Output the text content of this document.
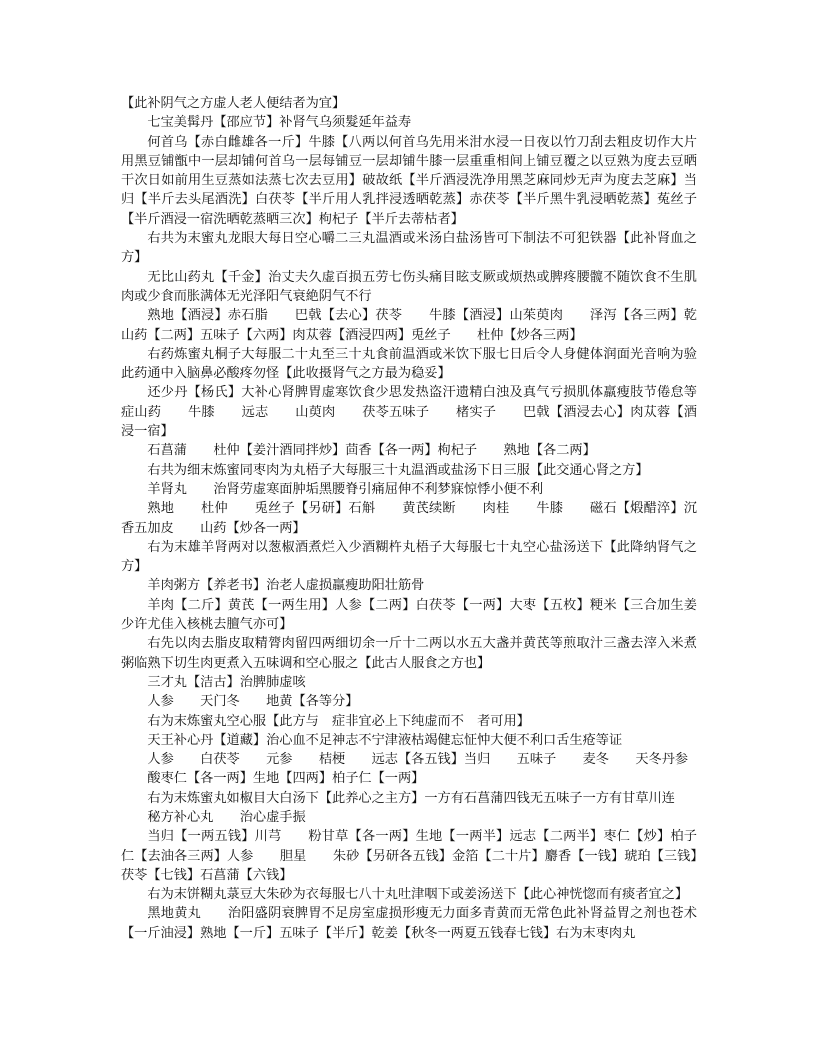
【此补阴气之方虚人老人便结者为宜】

七宝美髯丹【邵应节】补肾气乌须髮延年益寿

何首乌【赤白雌雄各一斤】牛膝【八两以何首乌先用米泔水浸一日夜以竹刀刮去粗皮切作大片用黑豆铺甑中一层却铺何首乌一层每铺豆一层却铺牛膝一层重重相间上铺豆覆之以豆熟为度去豆晒干次日如前用生豆蒸如法蒸七次去豆用】破故纸【半斤酒浸洗净用黑芝麻同炒无声为度去芝麻】当归【半斤去头尾酒洗】白茯苓【半斤用人乳拌浸透晒乾蒸】赤茯苓【半斤黑牛乳浸晒乾蒸】菟丝子【半斤酒浸一宿洗晒乾蒸晒三次】枸杞子【半斤去蒂枯者】

右共为末蜜丸龙眼大每日空心嚼二三丸温酒或米汤白盐汤皆可下制法不可犯铁器【此补肾血之方】

无比山药丸【千金】治丈夫久虚百损五劳七伤头痛目眩支厥或烦热或脾疼腰髋不随饮食不生肌肉或少食而胀满体无光泽阳气衰絶阴气不行

熟地【酒浸】赤石脂　　巴戟【去心】茯苓　　牛膝【酒浸】山茱萸肉　　泽泻【各三两】乾山药【二两】五味子【六两】肉苁蓉【酒浸四两】兎丝子　　杜仲【炒各三两】

右药炼蜜丸桐子大每服二十丸至三十丸食前温酒或米饮下服七日后令人身健体润面光音响为验此药通中入脑鼻必酸疼勿怪【此收摄肾气之方最为稳妥】

还少丹【杨氏】大补心肾脾胃虚寒饮食少思发热盗汗遗精白浊及真气亏损肌体羸瘦肢节倦怠等症山药　　牛膝　　远志　　山萸肉　　茯苓五味子　　楮实子　　巴戟【酒浸去心】肉苁蓉【酒浸一宿】

石菖蒲　　杜仲【姜汁酒同拌炒】茴香【各一两】枸杞子　　熟地【各二两】

右共为细末炼蜜同枣肉为丸梧子大每服三十丸温酒或盐汤下日三服【此交通心肾之方】

羊肾丸　　治肾劳虚寒面肿垢黑腰脊引痛屈伸不利梦寐惊悸小便不利

熟地　　杜仲　　兎丝子【另研】石斛　　黄芪续断　　肉桂　　牛膝　　磁石【煅醋淬】沉香五加皮　　山药【炒各一两】

右为末雄羊肾两对以葱椒酒煮烂入少酒糊杵丸梧子大每服七十丸空心盐汤送下【此降纳肾气之方】

羊肉粥方【养老书】治老人虚损羸瘦助阳壮筋骨

羊肉【二斤】黄芪【一两生用】人参【二两】白茯苓【一两】大枣【五枚】粳米【三合加生姜少许尤佳入核桃去膻气亦可】

右先以肉去脂皮取精膂肉留四两细切余一斤十二两以水五大盏并黄芪等煎取汁三盏去滓入米煮粥临熟下切生肉更煮入五味调和空心服之【此古人服食之方也】

三才丸【洁古】治脾肺虚咳

人参　　天门冬　　地黄【各等分】

右为末炼蜜丸空心服【此方与　症非宜必上下纯虚而不　者可用】

天王补心丹【道藏】治心血不足神志不宁津液枯竭健忘怔忡大便不利口舌生疮等证

人参　　白茯苓　　元参　　桔梗　　远志【各五钱】当归　　五味子　　麦冬　　天冬丹参

酸枣仁【各一两】生地【四两】柏子仁【一两】

右为末炼蜜丸如椒目大白汤下【此养心之主方】一方有石菖蒲四钱无五味子一方有甘草川连

秘方补心丸　　治心虚手振

当归【一两五钱】川芎　　粉甘草【各一两】生地【一两半】远志【二两半】枣仁【炒】柏子仁【去油各三两】人参　　胆星　　朱砂【另研各五钱】金箔【二十片】麝香【一钱】琥珀【三钱】茯苓【七钱】石菖蒲【六钱】

右为末饼糊丸菉豆大朱砂为衣每服七八十丸吐津咽下或姜汤送下【此心神恍惚而有痰者宜之】

黑地黄丸　　治阳盛阴衰脾胃不足房室虚损形瘦无力面多青黄而无常色此补肾益胃之剂也苍术【一斤油浸】熟地【一斤】五味子【半斤】乾姜【秋冬一两夏五钱春七钱】右为末枣肉丸
